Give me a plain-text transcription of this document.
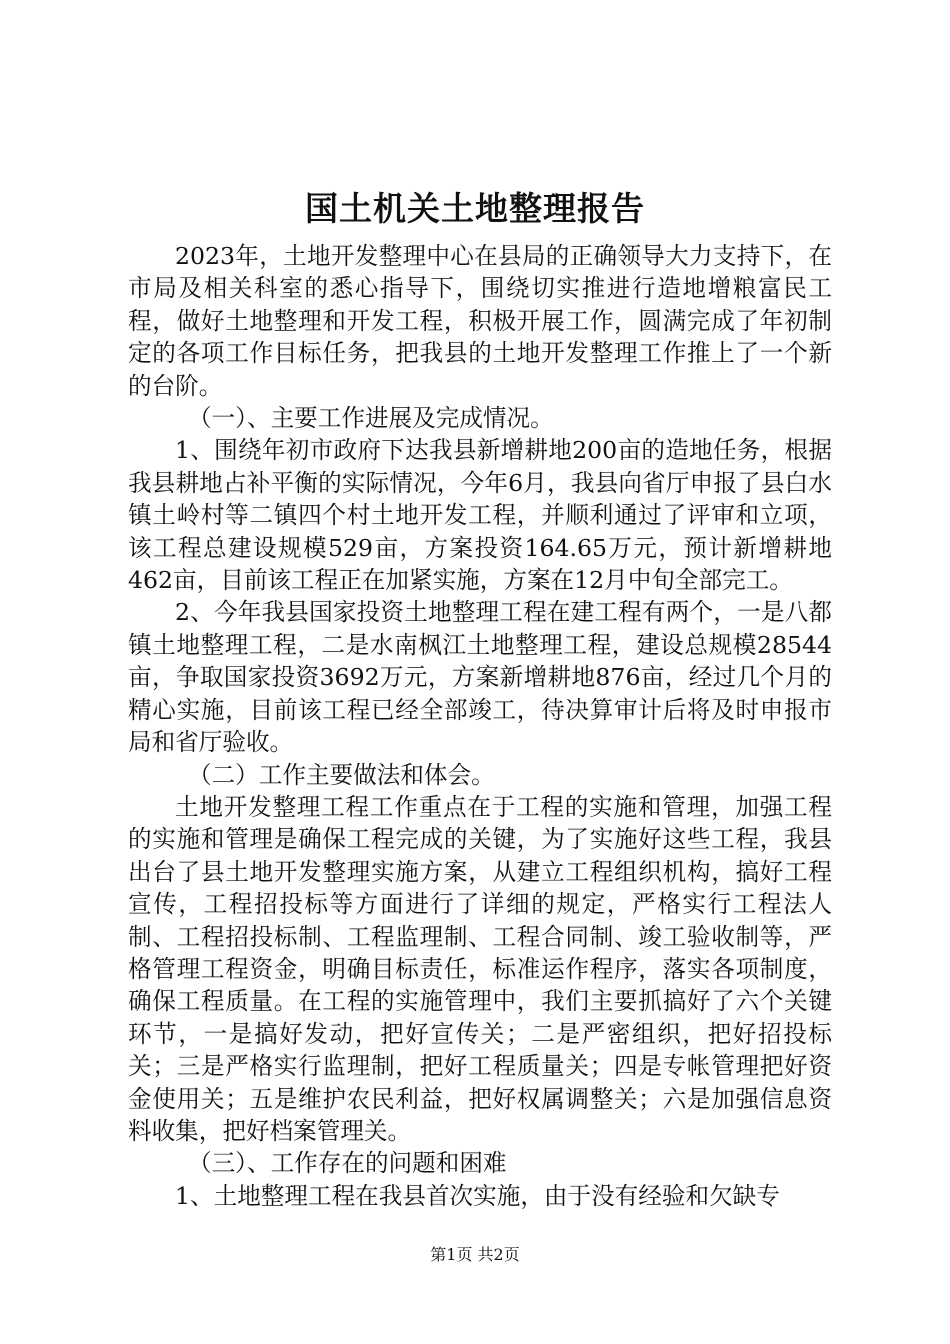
国土机关土地整理报告

2023年，土地开发整理中心在县局的正确领导大力支持下，在市局及相关科室的悉心指导下，围绕切实推进行造地增粮富民工程，做好土地整理和开发工程，积极开展工作，圆满完成了年初制定的各项工作目标任务，把我县的土地开发整理工作推上了一个新的台阶。

（一）、主要工作进展及完成情况。

1、围绕年初市政府下达我县新增耕地200亩的造地任务，根据我县耕地占补平衡的实际情况，今年6月，我县向省厅申报了县白水镇土岭村等二镇四个村土地开发工程，并顺利通过了评审和立项，该工程总建设规模529亩，方案投资164.65万元，预计新增耕地462亩，目前该工程正在加紧实施，方案在12月中旬全部完工。

2、今年我县国家投资土地整理工程在建工程有两个，一是八都镇土地整理工程，二是水南枫江土地整理工程，建设总规模28544亩，争取国家投资3692万元，方案新增耕地876亩，经过几个月的精心实施，目前该工程已经全部竣工，待决算审计后将及时申报市局和省厅验收。

（二）工作主要做法和体会。

土地开发整理工程工作重点在于工程的实施和管理，加强工程的实施和管理是确保工程完成的关键，为了实施好这些工程，我县出台了县土地开发整理实施方案，从建立工程组织机构，搞好工程宣传，工程招投标等方面进行了详细的规定，严格实行工程法人制、工程招投标制、工程监理制、工程合同制、竣工验收制等，严格管理工程资金，明确目标责任，标准运作程序，落实各项制度，确保工程质量。在工程的实施管理中，我们主要抓搞好了六个关键环节，一是搞好发动，把好宣传关；二是严密组织，把好招投标关；三是严格实行监理制，把好工程质量关；四是专帐管理把好资金使用关；五是维护农民利益，把好权属调整关；六是加强信息资料收集，把好档案管理关。

（三）、工作存在的问题和困难

1、土地整理工程在我县首次实施，由于没有经验和欠缺专

第1页 共2页
